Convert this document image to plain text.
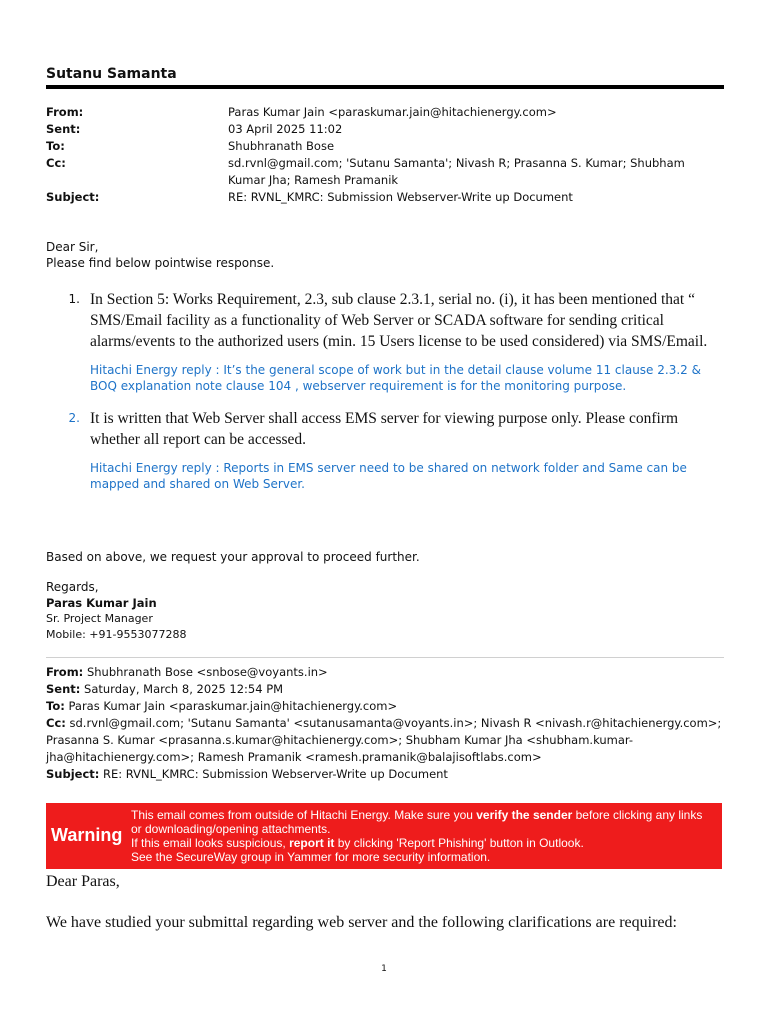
Sutanu Samanta
From:	Paras Kumar Jain <paraskumar.jain@hitachienergy.com>
Sent:	03 April 2025 11:02
To:	Shubhranath Bose
Cc:	sd.rvnl@gmail.com; 'Sutanu Samanta'; Nivash R; Prasanna S. Kumar; Shubham Kumar Jha; Ramesh Pramanik
Subject:	RE: RVNL_KMRC: Submission Webserver-Write up Document
Dear Sir,
Please find below pointwise response.
1. In Section 5: Works Requirement, 2.3, sub clause 2.3.1, serial no. (i), it has been mentioned that “ SMS/Email facility as a functionality of Web Server or SCADA software for sending critical alarms/events to the authorized users (min. 15 Users license to be used considered) via SMS/Email.
Hitachi Energy reply : It’s the general scope of work but in the detail clause volume 11 clause 2.3.2 & BOQ explanation note clause 104 , webserver requirement is for the monitoring purpose.
2. It is written that Web Server shall access EMS server for viewing purpose only. Please confirm whether all report can be accessed.
Hitachi Energy reply : Reports in EMS server need to be shared on network folder and Same can be mapped and shared on Web Server.
Based on above, we request your approval to proceed further.
Regards,
Paras Kumar Jain
Sr. Project Manager
Mobile: +91-9553077288
From: Shubhranath Bose <snbose@voyants.in>
Sent: Saturday, March 8, 2025 12:54 PM
To: Paras Kumar Jain <paraskumar.jain@hitachienergy.com>
Cc: sd.rvnl@gmail.com; 'Sutanu Samanta' <sutanusamanta@voyants.in>; Nivash R <nivash.r@hitachienergy.com>; Prasanna S. Kumar <prasanna.s.kumar@hitachienergy.com>; Shubham Kumar Jha <shubham.kumar-jha@hitachienergy.com>; Ramesh Pramanik <ramesh.pramanik@balajisoftlabs.com>
Subject: RE: RVNL_KMRC: Submission Webserver-Write up Document
Warning
This email comes from outside of Hitachi Energy. Make sure you verify the sender before clicking any links or downloading/opening attachments.
If this email looks suspicious, report it by clicking 'Report Phishing' button in Outlook.
See the SecureWay group in Yammer for more security information.
Dear Paras,
We have studied your submittal regarding web server and the following clarifications are required:
1
